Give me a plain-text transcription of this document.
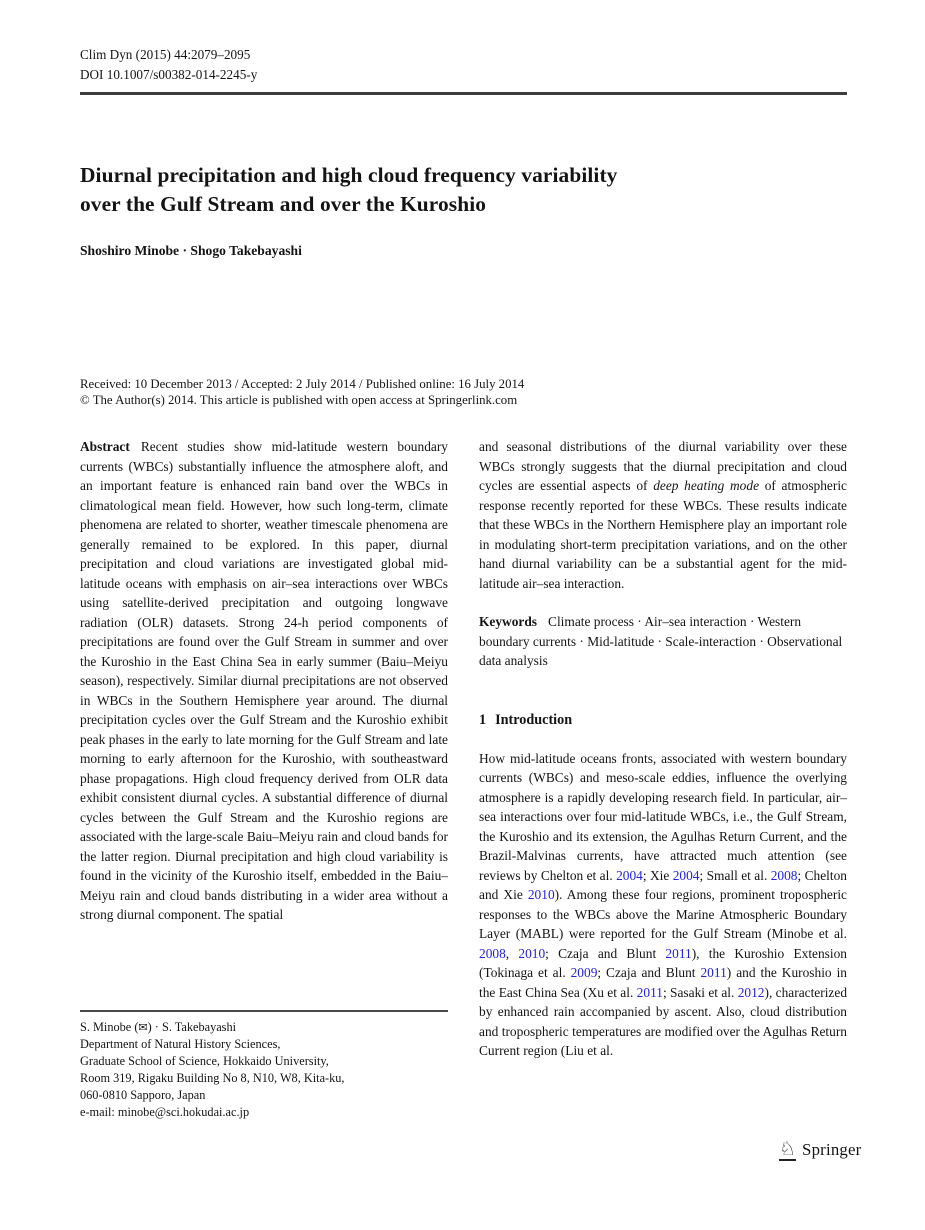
Clim Dyn (2015) 44:2079–2095
DOI 10.1007/s00382-014-2245-y
Diurnal precipitation and high cloud frequency variability
over the Gulf Stream and over the Kuroshio
Shoshiro Minobe · Shogo Takebayashi
Received: 10 December 2013 / Accepted: 2 July 2014 / Published online: 16 July 2014
© The Author(s) 2014. This article is published with open access at Springerlink.com

Abstract Recent studies show mid-latitude western boundary currents (WBCs) substantially influence the atmosphere aloft, and an important feature is enhanced rain band over the WBCs in climatological mean field. However, how such long-term, climate phenomena are related to shorter, weather timescale phenomena are generally remained to be explored. In this paper, diurnal precipitation and cloud variations are investigated global mid-latitude oceans with emphasis on air–sea interactions over WBCs using satellite-derived precipitation and outgoing longwave radiation (OLR) datasets. Strong 24-h period components of precipitations are found over the Gulf Stream in summer and over the Kuroshio in the East China Sea in early summer (Baiu–Meiyu season), respectively. Similar diurnal precipitations are not observed in WBCs in the Southern Hemisphere year around. The diurnal precipitation cycles over the Gulf Stream and the Kuroshio exhibit peak phases in the early to late morning for the Gulf Stream and late morning to early afternoon for the Kuroshio, with southeastward phase propagations. High cloud frequency derived from OLR data exhibit consistent diurnal cycles. A substantial difference of diurnal cycles between the Gulf Stream and the Kuroshio regions are associated with the large-scale Baiu–Meiyu rain and cloud bands for the latter region. Diurnal precipitation and high cloud variability is found in the vicinity of the Kuroshio itself, embedded in the Baiu–Meiyu rain and cloud bands distributing in a wider area without a strong diurnal component. The spatial

S. Minobe (✉) · S. Takebayashi
Department of Natural History Sciences,
Graduate School of Science, Hokkaido University,
Room 319, Rigaku Building No 8, N10, W8, Kita-ku,
060-0810 Sapporo, Japan
e-mail: minobe@sci.hokudai.ac.jp

and seasonal distributions of the diurnal variability over these WBCs strongly suggests that the diurnal precipitation and cloud cycles are essential aspects of deep heating mode of atmospheric response recently reported for these WBCs. These results indicate that these WBCs in the Northern Hemisphere play an important role in modulating short-term precipitation variations, and on the other hand diurnal variability can be a substantial agent for the mid-latitude air–sea interaction.

Keywords Climate process · Air–sea interaction · Western boundary currents · Mid-latitude · Scale-interaction · Observational data analysis

1 Introduction

How mid-latitude oceans fronts, associated with western boundary currents (WBCs) and meso-scale eddies, influence the overlying atmosphere is a rapidly developing research field. In particular, air–sea interactions over four mid-latitude WBCs, i.e., the Gulf Stream, the Kuroshio and its extension, the Agulhas Return Current, and the Brazil-Malvinas currents, have attracted much attention (see reviews by Chelton et al. 2004; Xie 2004; Small et al. 2008; Chelton and Xie 2010). Among these four regions, prominent tropospheric responses to the WBCs above the Marine Atmospheric Boundary Layer (MABL) were reported for the Gulf Stream (Minobe et al. 2008, 2010; Czaja and Blunt 2011), the Kuroshio Extension (Tokinaga et al. 2009; Czaja and Blunt 2011) and the Kuroshio in the East China Sea (Xu et al. 2011; Sasaki et al. 2012), characterized by enhanced rain accompanied by ascent. Also, cloud distribution and tropospheric temperatures are modified over the Agulhas Return Current region (Liu et al.

♘ Springer
